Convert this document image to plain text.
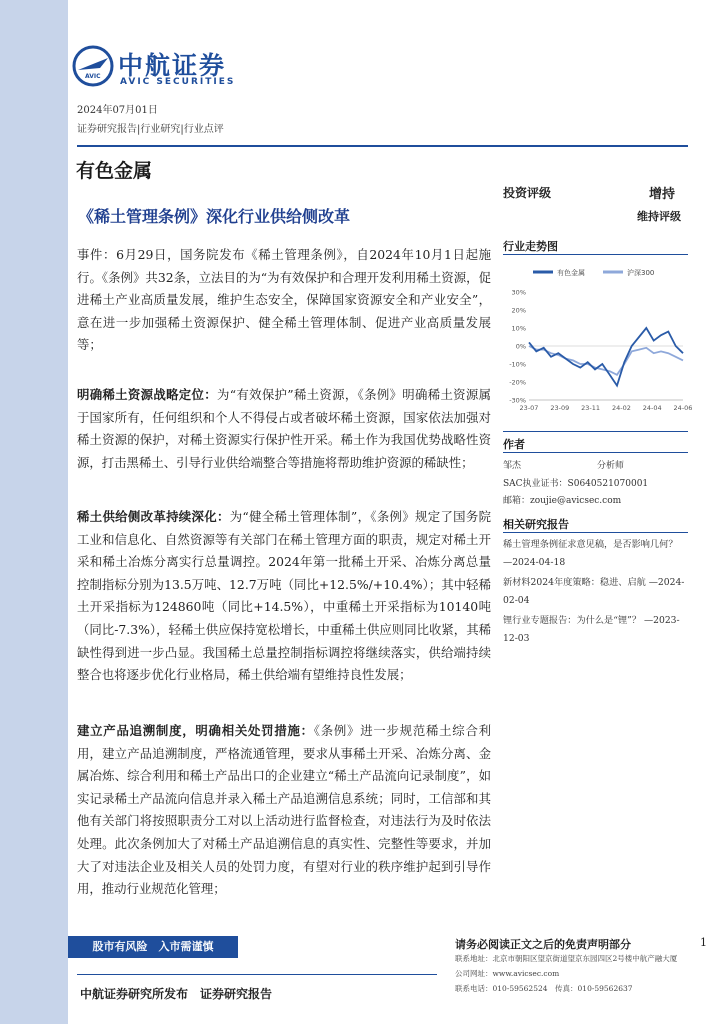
AVIC 中航证券
AVIC SECURITIES
2024年07月01日
证券研究报告|行业研究|行业点评
有色金属
《稀土管理条例》深化行业供给侧改革
投资评级	增持
维持评级
事件：6月29日，国务院发布《稀土管理条例》，自2024年10月1日起施行。《条例》共32条，立法目的为“为有效保护和合理开发利用稀土资源，促进稀土产业高质量发展，维护生态安全，保障国家资源安全和产业安全”，意在进一步加强稀土资源保护、健全稀土管理体制、促进产业高质量发展等；
明确稀土资源战略定位：为“有效保护”稀土资源，《条例》明确稀土资源属于国家所有，任何组织和个人不得侵占或者破坏稀土资源，国家依法加强对稀土资源的保护，对稀土资源实行保护性开采。稀土作为我国优势战略性资源，打击黑稀土、引导行业供给端整合等措施将帮助维护资源的稀缺性；
稀土供给侧改革持续深化：为“健全稀土管理体制”，《条例》规定了国务院工业和信息化、自然资源等有关部门在稀土管理方面的职责，规定对稀土开采和稀土冶炼分离实行总量调控。2024年第一批稀土开采、冶炼分离总量控制指标分别为13.5万吨、12.7万吨（同比+12.5%/+10.4%）；其中轻稀土开采指标为124860吨（同比+14.5%），中重稀土开采指标为10140吨（同比-7.3%），轻稀土供应保持宽松增长，中重稀土供应则同比收紧，其稀缺性得到进一步凸显。我国稀土总量控制指标调控将继续落实，供给端持续整合也将逐步优化行业格局，稀土供给端有望维持良性发展；
建立产品追溯制度，明确相关处罚措施：《条例》进一步规范稀土综合利用，建立产品追溯制度，严格流通管理，要求从事稀土开采、冶炼分离、金属冶炼、综合利用和稀土产品出口的企业建立“稀土产品流向记录制度”，如实记录稀土产品流向信息并录入稀土产品追溯信息系统；同时，工信部和其他有关部门将按照职责分工对以上活动进行监督检查，对违法行为及时依法处理。此次条例加大了对稀土产品追溯信息的真实性、完整性等要求，并加大了对违法企业及相关人员的处罚力度，有望对行业的秩序维护起到引导作用，推动行业规范化管理；
行业走势图
有色金属	沪深300
30%
20%
10%
0%
-10%
-20%
-30%
23-07 23-09 23-11 24-02 24-04 24-06
作者
邹杰	分析师
SAC执业证书：S0640521070001
邮箱：zoujie@avicsec.com
相关研究报告
稀土管理条例征求意见稿，是否影响几何？ —2024-04-18
新材料2024年度策略：稳进、启航 —2024-02-04
锂行业专题报告：为什么是“锂”？ —2023-12-03
股市有风险　入市需谨慎	请务必阅读正文之后的免责声明部分	1
联系地址：北京市朝阳区望京街道望京东园四区2号楼中航产融大厦
公司网址：www.avicsec.com
联系电话：010-59562524　传真：010-59562637
中航证券研究所发布　证券研究报告
